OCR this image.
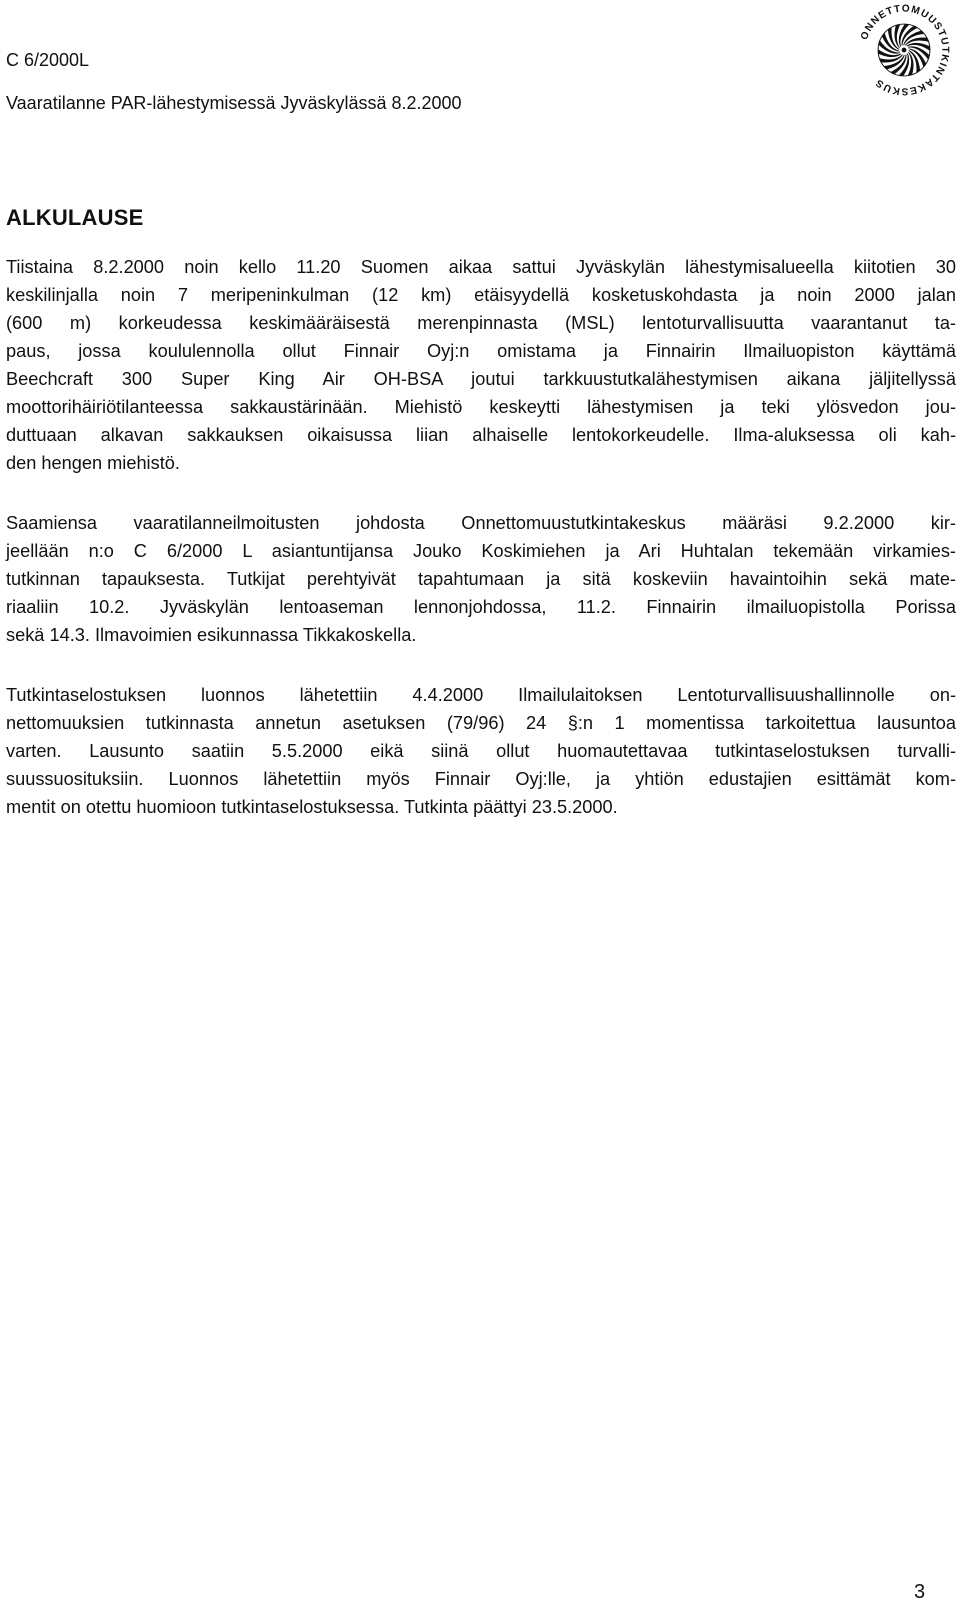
C 6/2000L
Vaaratilanne PAR-lähestymisessä Jyväskylässä 8.2.2000
ONNETTOMUUSTUTKINTAKESKUS
ALKULAUSE

Tiistaina 8.2.2000 noin kello 11.20 Suomen aikaa sattui Jyväskylän lähestymisalueella kiitotien 30
keskilinjalla noin 7 meripeninkulman (12 km) etäisyydellä kosketuskohdasta ja noin 2000 jalan
(600 m) korkeudessa keskimääräisestä merenpinnasta (MSL) lentoturvallisuutta vaarantanut ta-
paus, jossa koululennolla ollut Finnair Oyj:n omistama ja Finnairin Ilmailuopiston käyttämä
Beechcraft 300 Super King Air OH-BSA joutui tarkkuustutkalähestymisen aikana jäljitellyssä
moottorihäiriötilanteessa sakkaustärinään. Miehistö keskeytti lähestymisen ja teki ylösvedon jou-
duttuaan alkavan sakkauksen oikaisussa liian alhaiselle lentokorkeudelle. Ilma-aluksessa oli kah-
den hengen miehistö.

Saamiensa vaaratilanneilmoitusten johdosta Onnettomuustutkintakeskus määräsi 9.2.2000 kir-
jeellään n:o C 6/2000 L asiantuntijansa Jouko Koskimiehen ja Ari Huhtalan tekemään virkamies-
tutkinnan tapauksesta. Tutkijat perehtyivät tapahtumaan ja sitä koskeviin havaintoihin sekä mate-
riaaliin 10.2. Jyväskylän lentoaseman lennonjohdossa, 11.2. Finnairin ilmailuopistolla Porissa
sekä 14.3. Ilmavoimien esikunnassa Tikkakoskella.

Tutkintaselostuksen luonnos lähetettiin 4.4.2000 Ilmailulaitoksen Lentoturvallisuushallinnolle on-
nettomuuksien tutkinnasta annetun asetuksen (79/96) 24 §:n 1 momentissa tarkoitettua lausuntoa
varten. Lausunto saatiin 5.5.2000 eikä siinä ollut huomautettavaa tutkintaselostuksen turvalli-
suussuosituksiin. Luonnos lähetettiin myös Finnair Oyj:lle, ja yhtiön edustajien esittämät kom-
mentit on otettu huomioon tutkintaselostuksessa. Tutkinta päättyi 23.5.2000.

3
